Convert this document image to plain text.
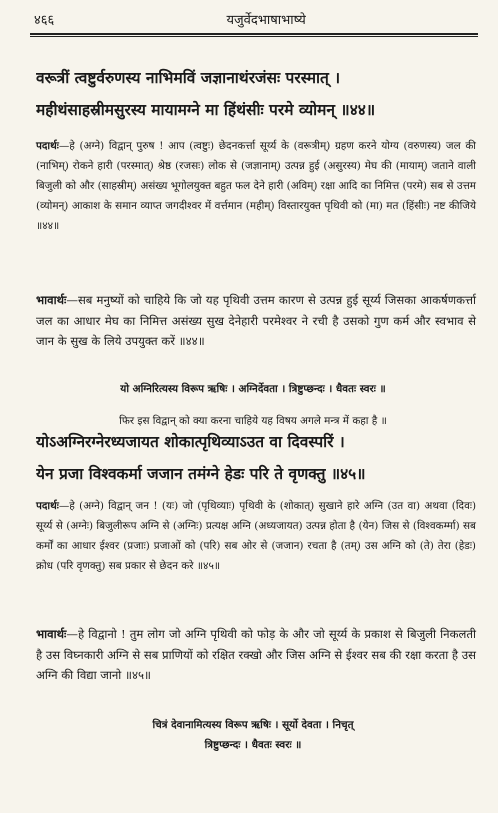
४६६	यजुर्वेदभाषाभाष्ये
वरूत्रीं त्वष्टुर्वरुणस्य नाभिमविं जज्ञानाथंरजंसः परस्मात् ।
महीथंसाहस्रीमसुरस्य मायामग्ने मा हिंथंसीः परमे व्योमन् ॥४४॥
पदार्थः—हे (अग्ने) विद्वान् पुरुष ! आप (त्वष्टुः) छेदनकर्त्ता सूर्य्य के (वरूत्रीम्) ग्रहण करने योग्य (वरुणस्य) जल की (नाभिम्) रोकने हारी (परस्मात्) श्रेष्ठ (रजसः) लोक से (जज्ञानाम्) उत्पन्न हुई (असुरस्य) मेघ की (मायाम्) जताने वाली बिजुली को और (साहस्रीम्) असंख्य भूगोलयुक्त बहुत फल देने हारी (अविम्) रक्षा आदि का निमित्त (परमे) सब से उत्तम (व्योमन्) आकाश के समान व्याप्त जगदीश्वर में वर्त्तमान (महीम्) विस्तारयुक्त पृथिवी को (मा) मत (हिंसीः) नष्ट कीजिये ॥४४॥
भावार्थः—सब मनुष्यों को चाहिये कि जो यह पृथिवी उत्तम कारण से उत्पन्न हुई सूर्य्य जिसका आकर्षणकर्त्ता जल का आधार मेघ का निमित्त असंख्य सुख देनेहारी परमेश्वर ने रची है उसको गुण कर्म और स्वभाव से जान के सुख के लिये उपयुक्त करें ॥४४॥
यो अग्निरित्यस्य विरूप ऋषिः । अग्निर्देवता । त्रिष्टुप्छन्दः । धैवतः स्वरः ॥
फिर इस विद्वान् को क्या करना चाहिये यह विषय अगले मन्त्र में कहा है ॥
योऽअग्निरग्नेरध्यजायत शोकात्पृथिव्याऽउत वा दिवस्परिं ।
येन प्रजा विश्वकर्मा जजान तमंग्ने हेडः परि ते वृणक्तु ॥४५॥
पदार्थः—हे (अग्ने) विद्वान् जन ! (यः) जो (पृथिव्याः) पृथिवी के (शोकात्) सुखाने हारे अग्नि (उत वा) अथवा (दिवः) सूर्य्य से (अग्नेः) बिजुलीरूप अग्नि से (अग्निः) प्रत्यक्ष अग्नि (अध्यजायत) उत्पन्न होता है (येन) जिस से (विश्वकर्म्मा) सब कर्मों का आधार ईश्वर (प्रजाः) प्रजाओं को (परि) सब ओर से (जजान) रचता है (तम्) उस अग्नि को (ते) तेरा (हेडः) क्रोध (परि वृणक्तु) सब प्रकार से छेदन करे ॥४५॥
भावार्थः—हे विद्वानो ! तुम लोग जो अग्नि पृथिवी को फोड़ के और जो सूर्य्य के प्रकाश से बिजुली निकलती है उस विघ्नकारी अग्नि से सब प्राणियों को रक्षित रक्खो और जिस अग्नि से ईश्वर सब की रक्षा करता है उस अग्नि की विद्या जानो ॥४५॥
चित्रं देवानामित्यस्य विरूप ऋषिः । सूर्यो देवता । निचृत्
त्रिष्टुप्छन्दः । धैवतः स्वरः ॥
